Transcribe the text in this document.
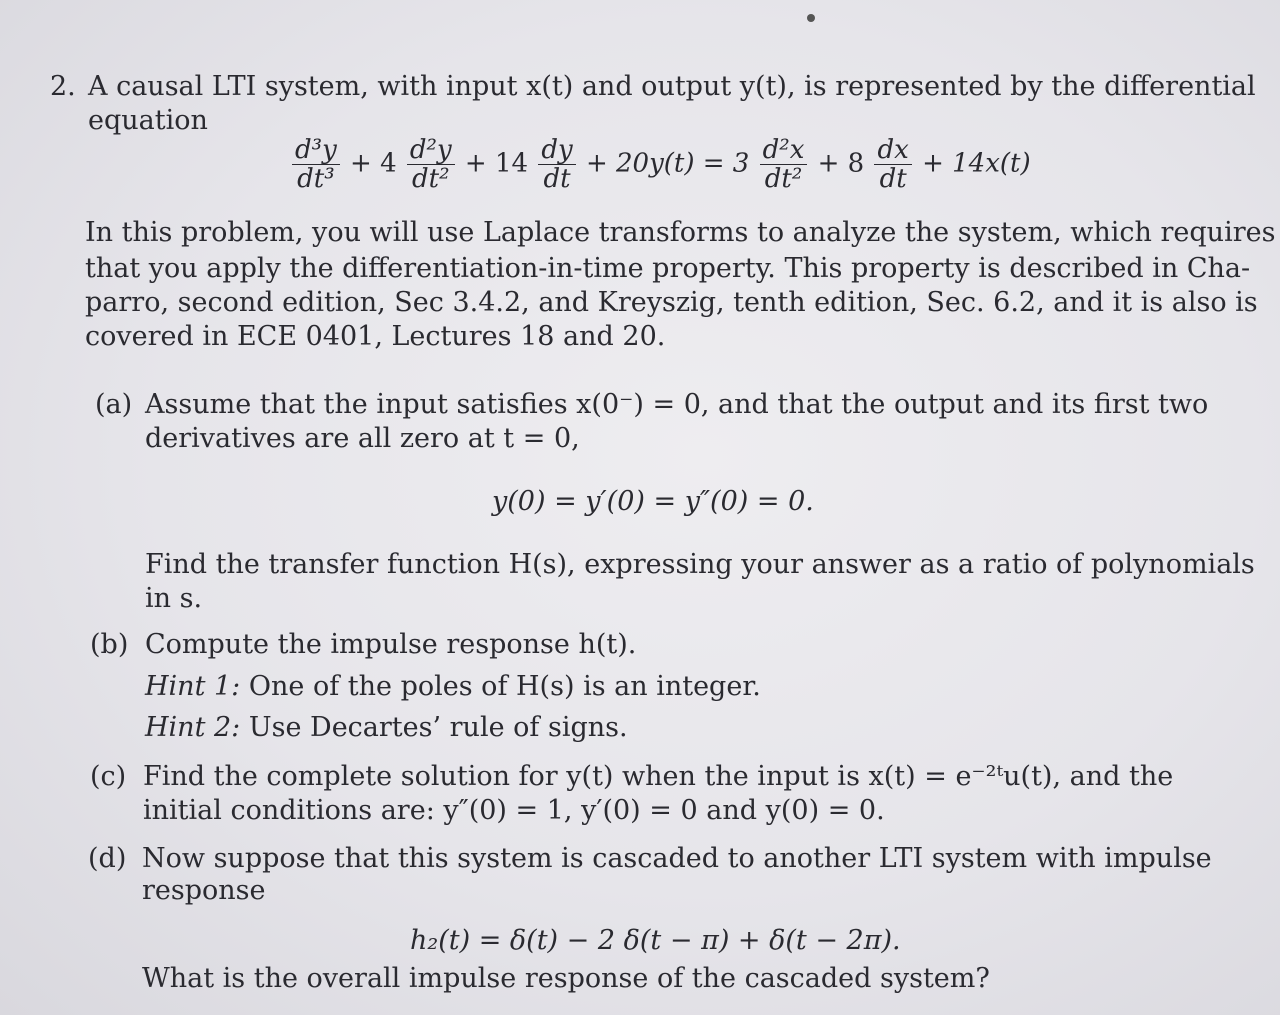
2. A causal LTI system, with input x(t) and output y(t), is represented by the differential
equation
$\frac{\text{d³y}}{\text{dt³}} + 4 \frac{\text{d²y}}{\text{dt²}} + 14 \frac{dy}{dt} + 20y(t) = 3 \frac{\text{d²x}}{\text{dt²}} + 8 \frac{dx}{dt} + 14x(t)$
In this problem, you will use Laplace transforms to analyze the system, which requires
that you apply the differentiation-in-time property. This property is described in Cha-
parro, second edition, Sec 3.4.2, and Kreyszig, tenth edition, Sec. 6.2, and it is also is
covered in ECE 0401, Lectures 18 and 20.
(a) Assume that the input satisfies x(0⁻) = 0, and that the output and its first two
derivatives are all zero at t = 0,
y(0) = y′(0) = y″(0) = 0.
Find the transfer function H(s), expressing your answer as a ratio of polynomials
in s.
(b) Compute the impulse response h(t).
Hint 1: One of the poles of H(s) is an integer.
Hint 2: Use Decartes’ rule of signs.
(c) Find the complete solution for y(t) when the input is x(t) = e⁻²ᵗu(t), and the
initial conditions are: y″(0) = 1, y′(0) = 0 and y(0) = 0.
(d) Now suppose that this system is cascaded to another LTI system with impulse
response
h₂(t) = δ(t) − 2 δ(t − π) + δ(t − 2π).
What is the overall impulse response of the cascaded system?
